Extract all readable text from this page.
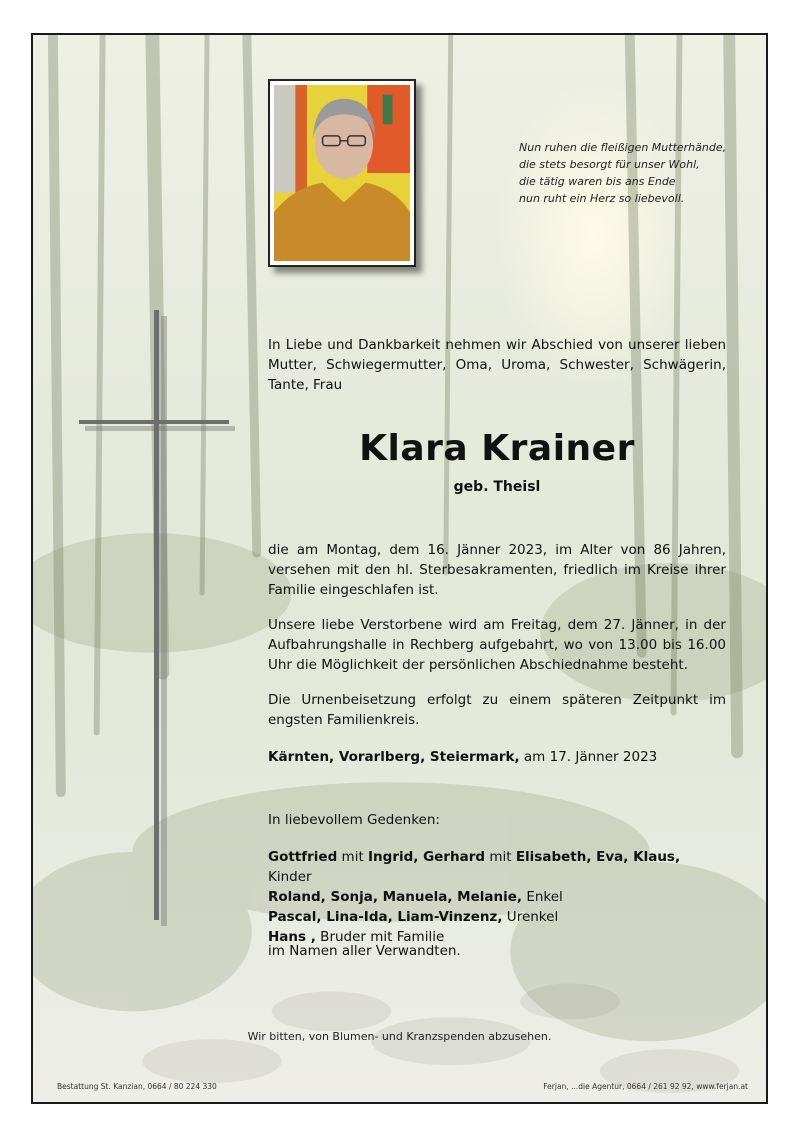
Nun ruhen die fleißigen Mutterhände,
die stets besorgt für unser Wohl,
die tätig waren bis ans Ende
nun ruht ein Herz so liebevoll.
In Liebe und Dankbarkeit nehmen wir Abschied von unserer lieben Mutter, Schwiegermutter, Oma, Uroma, Schwester, Schwägerin, Tante, Frau
Klara Krainer
geb. Theisl
die am Montag, dem 16. Jänner 2023, im Alter von 86 Jahren, versehen mit den hl. Sterbesakramenten, friedlich im Kreise ihrer Familie eingeschlafen ist.
Unsere liebe Verstorbene wird am Freitag, dem 27. Jänner, in der Aufbahrungshalle in Rechberg aufgebahrt, wo von 13.00 bis 16.00 Uhr die Möglichkeit der persönlichen Abschiednahme besteht.
Die Urnenbeisetzung erfolgt zu einem späteren Zeitpunkt im engsten Familienkreis.
Kärnten, Vorarlberg, Steiermark, am 17. Jänner 2023
In liebevollem Gedenken:
Gottfried mit Ingrid, Gerhard mit Elisabeth, Eva, Klaus, Kinder
Roland, Sonja, Manuela, Melanie, Enkel
Pascal, Lina-Ida, Liam-Vinzenz, Urenkel
Hans , Bruder mit Familie
im Namen aller Verwandten.
Wir bitten, von Blumen- und Kranzspenden abzusehen.
Bestattung St. Kanzian, 0664 / 80 224 330	Ferjan, ...die Agentur, 0664 / 261 92 92, www.ferjan.at
